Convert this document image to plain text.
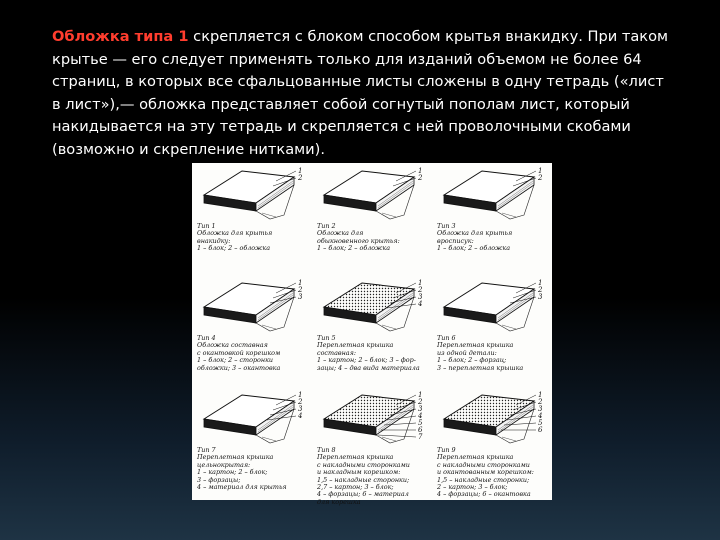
Обложка типа 1 скрепляется с блоком способом крытья внакидку. При таком крытье — его следует применять только для изданий объемом не более 64 страниц, в которых все сфальцованные листы сложены в одну тетрадь («лист в лист»),— обложка представляет собой согнутый пополам лист, который накидывается на эту тетрадь и скрепляется с ней проволочными скобами (возможно и скрепление нитками).
1
2
Тип 1
Обложка для крытья
внакидку:
1 – блок; 2 – обложка
1
2
Тип 2
Обложка для
обыкновенного крытья:
1 – блок; 2 – обложка
1
2
Тип 3
Обложка для крытья
вросписук:
1 – блок; 2 – обложка
1
2
3
Тип 4
Обложка составная
с окантовкой корешком
1 – блок; 2 – сторонки
обложки; 3 – окантовка
1
2
3
4
Тип 5
Переплетная крышка
составная:
1 – картон; 2 – блок; 3 – фор-
зацы; 4 – два вида материала
1
2
3
Тип 6
Переплетная крышка
из одной детали:
1 – блок; 2 – форзац;
3 – переплетная крышка
1
2
3
4
Тип 7
Переплетная крышка
цельнокрытая:
1 – картон; 2 – блок;
3 – форзацы;
4 – материал для крытья
1
2
3
4
5
6
7
Тип 8
Переплетная крышка
с накладными сторонками
и накладным корешком:
1,5 – накладные сторонки;
2,7 – картон; 3 – блок;
4 – форзацы; 6 – материал
для корешка
1
2
3
4
5
6
Тип 9
Переплетная крышка
с накладными сторонками
и окантованным корешком:
1,5 – накладные сторонки;
2 – картон; 3 – блок;
4 – форзацы; 6 – окантовка
